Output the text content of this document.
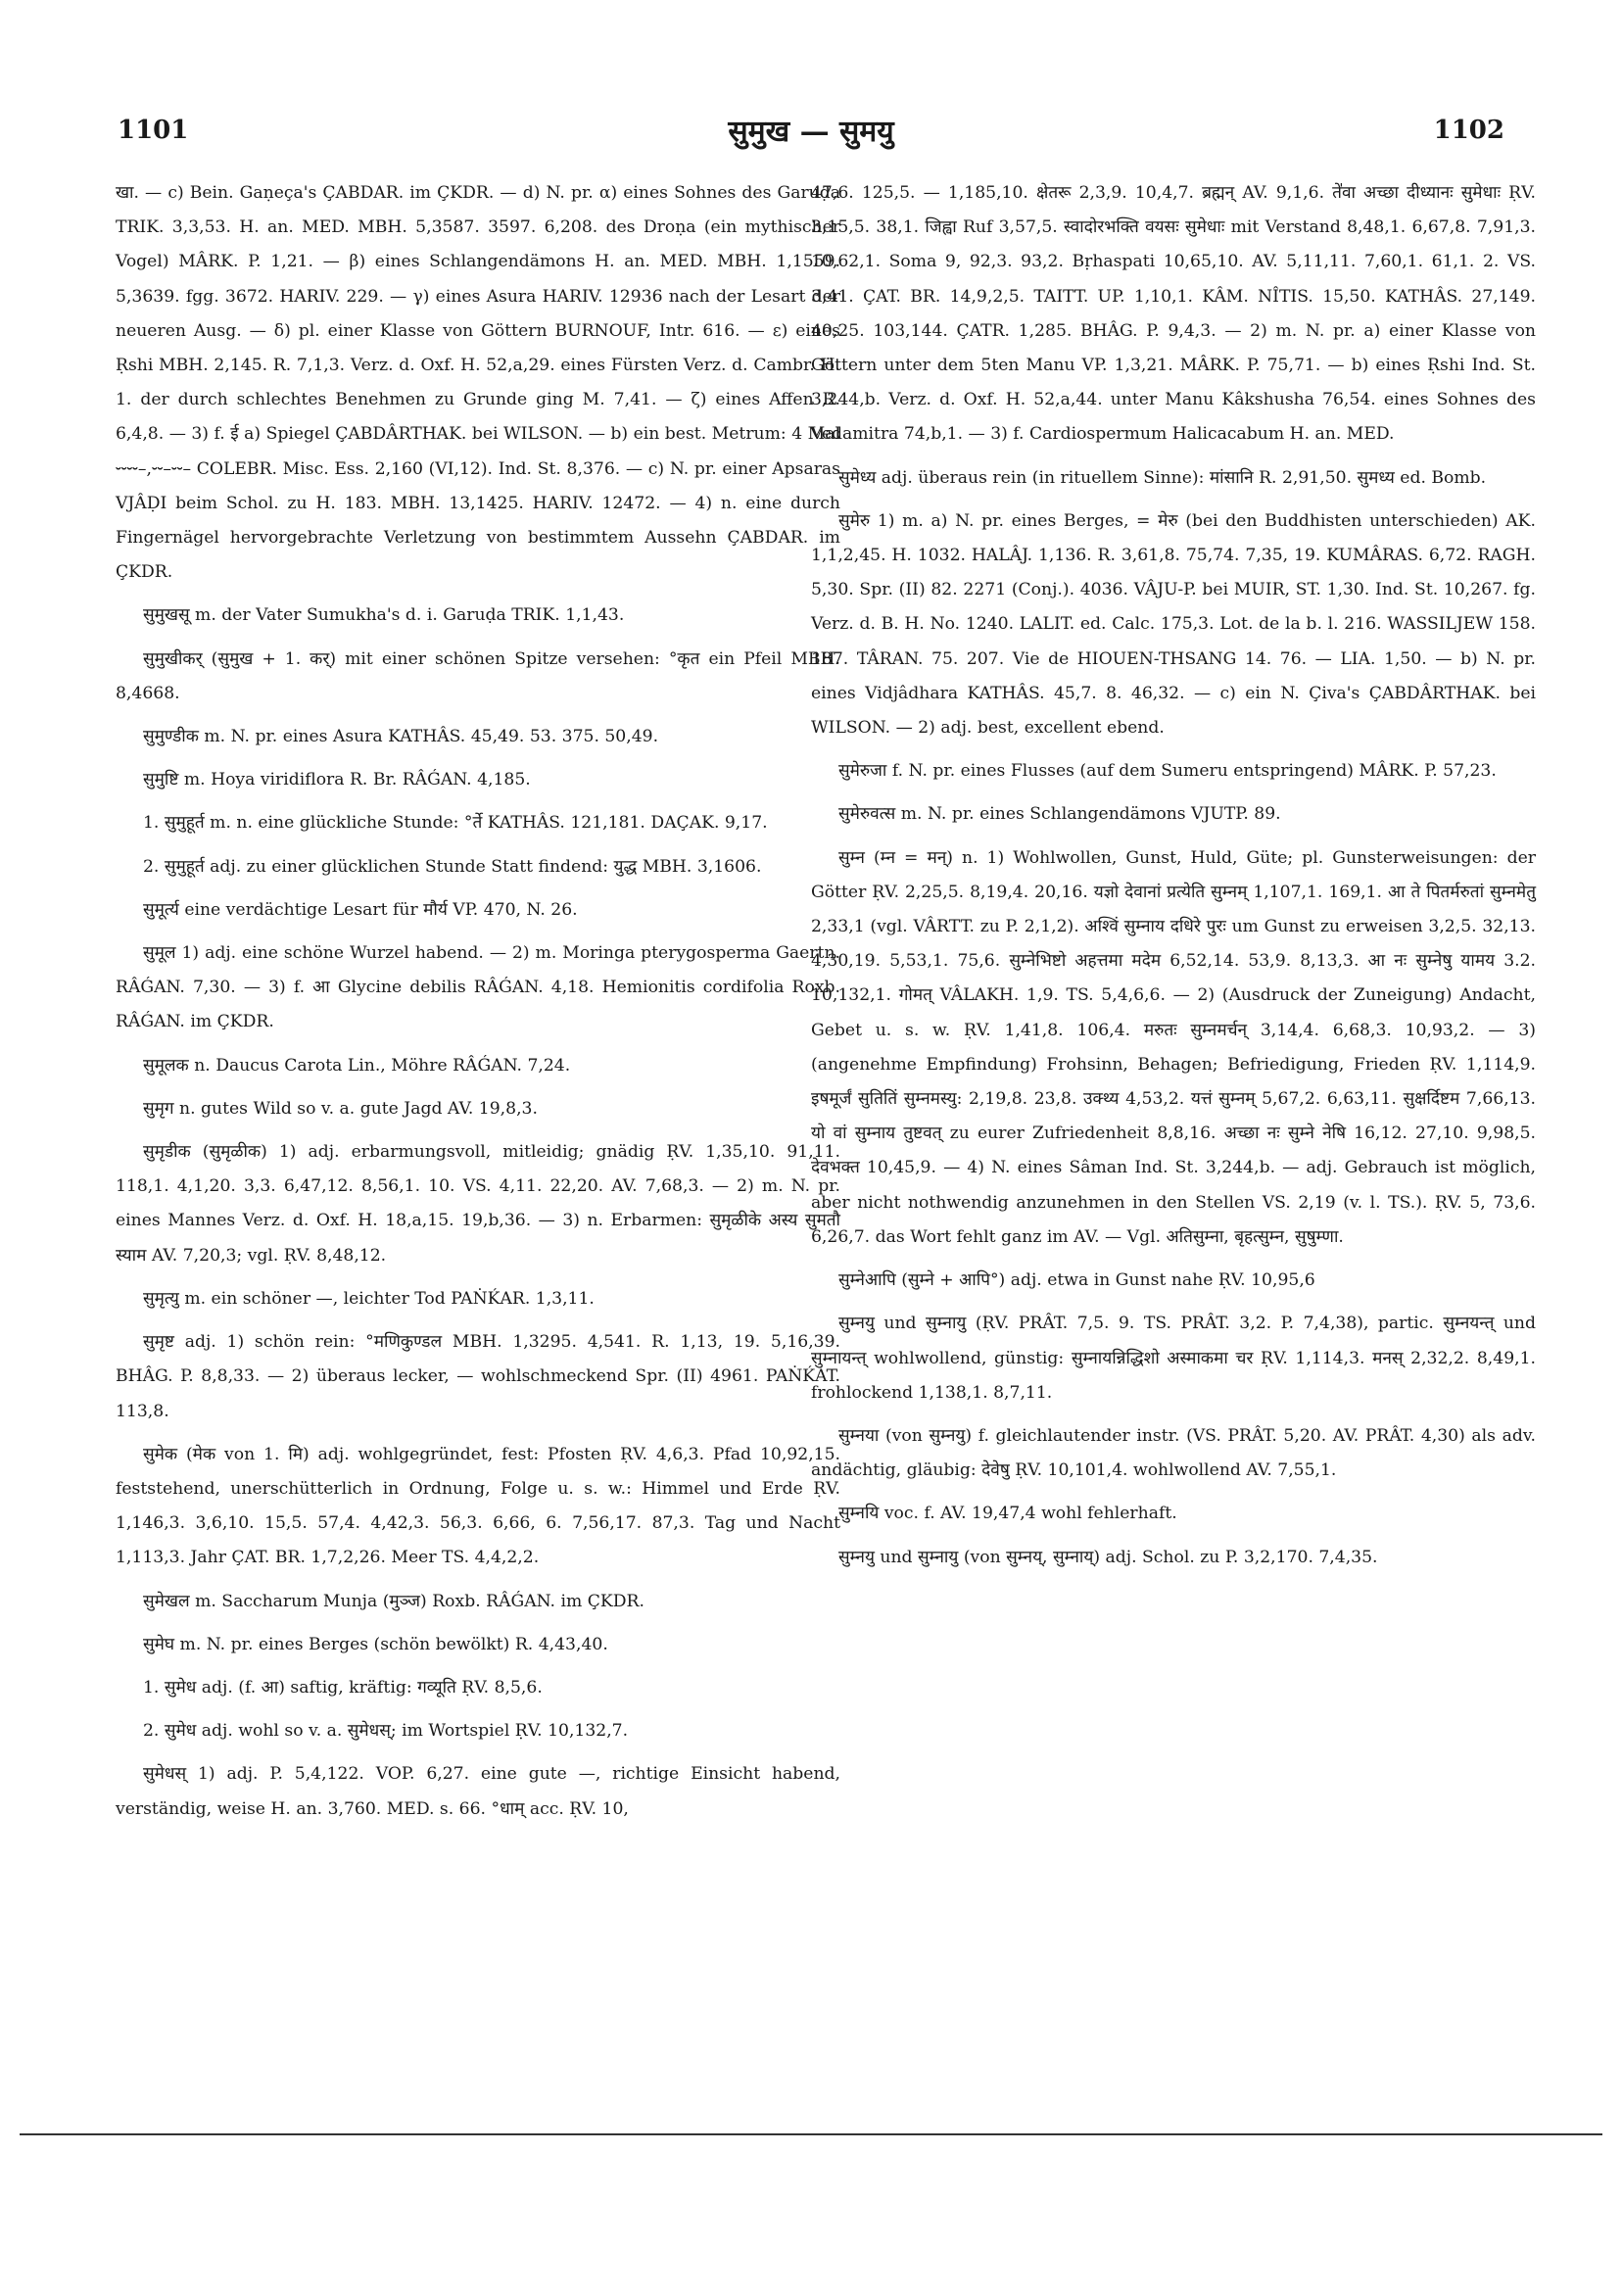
1101	सुमुख — सुमयु	1102

खा. — c) Bein. Gaṇeça's ÇABDAR. im ÇKDR. — d) N. pr. α) eines Sohnes des Garuḍa TRIK. 3,3,53. H. an. MED. MBH. 5,3587. 3597. 6,208. des Droṇa (ein mythischer Vogel) MÂRK. P. 1,21. — β) eines Schlangendämons H. an. MED. MBH. 1,1559. 5,3639. fgg. 3672. HARIV. 229. — γ) eines Asura HARIV. 12936 nach der Lesart der neueren Ausg. — δ) pl. einer Klasse von Göttern BURNOUF, Intr. 616. — ε) eines Ṛshi MBH. 2,145. R. 7,1,3. Verz. d. Oxf. H. 52,a,29. eines Fürsten Verz. d. Cambr. H. 1. der durch schlechtes Benehmen zu Grunde ging M. 7,41. — ζ) eines Affen R. 6,4,8. — 3) f. ई a) Spiegel ÇABDÂRTHAK. bei WILSON. — b) ein best. Metrum: 4 Mal ⏑⏑⏑⏑–,⏑⏑–⏑⏑– COLEBR. Misc. Ess. 2,160 (VI,12). Ind. St. 8,376. — c) N. pr. einer Apsaras VJÂḌI beim Schol. zu H. 183. MBH. 13,1425. HARIV. 12472. — 4) n. eine durch Fingernägel hervorgebrachte Verletzung von bestimmtem Aussehn ÇABDAR. im ÇKDR.

सुमुखसू m. der Vater Sumukha's d. i. Garuḍa TRIK. 1,1,43.

सुमुखीकर् (सुमुख + 1. कर्) mit einer schönen Spitze versehen: °कृत ein Pfeil MBH. 8,4668.

सुमुण्डीक m. N. pr. eines Asura KATHÂS. 45,49. 53. 375. 50,49.

सुमुष्टि m. Hoya viridiflora R. Br. RÂǴAN. 4,185.

1. सुमुहूर्त m. n. eine glückliche Stunde: °र्ते KATHÂS. 121,181. DAÇAK. 9,17.

2. सुमुहूर्त adj. zu einer glücklichen Stunde Statt findend: युद्ध MBH. 3,1606.

सुमूर्त्य eine verdächtige Lesart für मौर्य VP. 470, N. 26.

सुमूल 1) adj. eine schöne Wurzel habend. — 2) m. Moringa pterygosperma Gaertn. RÂǴAN. 7,30. — 3) f. आ Glycine debilis RÂǴAN. 4,18. Hemionitis cordifolia Roxb. RÂǴAN. im ÇKDR.

सुमूलक n. Daucus Carota Lin., Möhre RÂǴAN. 7,24.

सुमृग n. gutes Wild so v. a. gute Jagd AV. 19,8,3.

सुमृडीक (सुमृळीक) 1) adj. erbarmungsvoll, mitleidig; gnädig ṚV. 1,35,10. 91,11. 118,1. 4,1,20. 3,3. 6,47,12. 8,56,1. 10. VS. 4,11. 22,20. AV. 7,68,3. — 2) m. N. pr. eines Mannes Verz. d. Oxf. H. 18,a,15. 19,b,36. — 3) n. Erbarmen: सुमृळीके अस्य सुमतौ स्याम AV. 7,20,3; vgl. ṚV. 8,48,12.

सुमृत्यु m. ein schöner —, leichter Tod PAṄḰAR. 1,3,11.

सुमृष्ट adj. 1) schön rein: °मणिकुण्डल MBH. 1,3295. 4,541. R. 1,13, 19. 5,16,39. BHÂG. P. 8,8,33. — 2) überaus lecker, — wohlschmeckend Spr. (II) 4961. PAṄḰAT. 113,8.

सुमेक (मेक von 1. मि) adj. wohlgegründet, fest: Pfosten ṚV. 4,6,3. Pfad 10,92,15. feststehend, unerschütterlich in Ordnung, Folge u. s. w.: Himmel und Erde ṚV. 1,146,3. 3,6,10. 15,5. 57,4. 4,42,3. 56,3. 6,66, 6. 7,56,17. 87,3. Tag und Nacht 1,113,3. Jahr ÇAT. BR. 1,7,2,26. Meer TS. 4,4,2,2.

सुमेखल m. Saccharum Munja (मुञ्ज) Roxb. RÂǴAN. im ÇKDR.

सुमेघ m. N. pr. eines Berges (schön bewölkt) R. 4,43,40.

1. सुमेध adj. (f. आ) saftig, kräftig: गव्यूति ṚV. 8,5,6.

2. सुमेध adj. wohl so v. a. सुमेधस्; im Wortspiel ṚV. 10,132,7.

सुमेधस् 1) adj. P. 5,4,122. VOP. 6,27. eine gute —, richtige Einsicht habend, verständig, weise H. an. 3,760. MED. s. 66. °धाम् acc. ṚV. 10,

47,6. 125,5. — 1,185,10. क्षेतरू 2,3,9. 10,4,7. ब्रह्मन् AV. 9,1,6. ते॑वा अच्छा दीध्यानः सुमेधाः ṚV. 3,15,5. 38,1. जिह्वा Ruf 3,57,5. स्वादोरभक्ति वयसः सुमेधाः mit Verstand 8,48,1. 6,67,8. 7,91,3. 10,62,1. Soma 9, 92,3. 93,2. Bṛhaspati 10,65,10. AV. 5,11,11. 7,60,1. 61,1. 2. VS. 3,41. ÇAT. BR. 14,9,2,5. TAITT. UP. 1,10,1. KÂM. NÎTIS. 15,50. KATHÂS. 27,149. 40,25. 103,144. ÇATR. 1,285. BHÂG. P. 9,4,3. — 2) m. N. pr. a) einer Klasse von Göttern unter dem 5ten Manu VP. 1,3,21. MÂRK. P. 75,71. — b) eines Ṛshi Ind. St. 3,244,b. Verz. d. Oxf. H. 52,a,44. unter Manu Kâkshusha 76,54. eines Sohnes des Vedamitra 74,b,1. — 3) f. Cardiospermum Halicacabum H. an. MED.

सुमेध्य adj. überaus rein (in rituellem Sinne): मांसानि R. 2,91,50. सुमध्य ed. Bomb.

सुमेरु 1) m. a) N. pr. eines Berges, = मेरु (bei den Buddhisten unterschieden) AK. 1,1,2,45. H. 1032. HALÂJ. 1,136. R. 3,61,8. 75,74. 7,35, 19. KUMÂRAS. 6,72. RAGH. 5,30. Spr. (II) 82. 2271 (Conj.). 4036. VÂJU-P. bei MUIR, ST. 1,30. Ind. St. 10,267. fg. Verz. d. B. H. No. 1240. LALIT. ed. Calc. 175,3. Lot. de la b. l. 216. WASSILJEW 158. 187. TÂRAN. 75. 207. Vie de HIOUEN-THSANG 14. 76. — LIA. 1,50. — b) N. pr. eines Vidjâdhara KATHÂS. 45,7. 8. 46,32. — c) ein N. Çiva's ÇABDÂRTHAK. bei WILSON. — 2) adj. best, excellent ebend.

सुमेरुजा f. N. pr. eines Flusses (auf dem Sumeru entspringend) MÂRK. P. 57,23.

सुमेरुवत्स m. N. pr. eines Schlangendämons VJUTP. 89.

सुम्न (म्न = मन्) n. 1) Wohlwollen, Gunst, Huld, Güte; pl. Gunsterweisungen: der Götter ṚV. 2,25,5. 8,19,4. 20,16. यज्ञो देवानां प्रत्येति सुम्नम् 1,107,1. 169,1. आ ते पितर्मरुतां सुम्नमेतु 2,33,1 (vgl. VÂRTT. zu P. 2,1,2). अश्विं सुम्नाय दधिरे पुरः um Gunst zu erweisen 3,2,5. 32,13. 4,30,19. 5,53,1. 75,6. सुम्नेभिष्टो अहत्तमा मदेम 6,52,14. 53,9. 8,13,3. आ नः सुम्नेषु यामय 3.2. 10,132,1. गोमत् VÂLAKH. 1,9. TS. 5,4,6,6. — 2) (Ausdruck der Zuneigung) Andacht, Gebet u. s. w. ṚV. 1,41,8. 106,4. मरुतः सुम्नमर्चन् 3,14,4. 6,68,3. 10,93,2. — 3) (angenehme Empfindung) Frohsinn, Behagen; Befriedigung, Frieden ṚV. 1,114,9. इषमूर्जं सुतितिं सुम्नमस्यु: 2,19,8. 23,8. उक्थ्य 4,53,2. यत्तं सुम्नम् 5,67,2. 6,63,11. सुक्षर्दिष्टम 7,66,13. यो वां सुम्नाय तुष्टवत् zu eurer Zufriedenheit 8,8,16. अच्छा नः सुम्ने नेषि 16,12. 27,10. 9,98,5. देवभक्त 10,45,9. — 4) N. eines Sâman Ind. St. 3,244,b. — adj. Gebrauch ist möglich, aber nicht nothwendig anzunehmen in den Stellen VS. 2,19 (v. l. TS.). ṚV. 5, 73,6. 6,26,7. das Wort fehlt ganz im AV. — Vgl. अतिसुम्ना, बृहत्सुम्न, सुषुम्णा.

सुम्नेआपि (सुम्ने + आपि°) adj. etwa in Gunst nahe ṚV. 10,95,6

सुम्नयु und सुम्नायु (ṚV. PRÂT. 7,5. 9. TS. PRÂT. 3,2. P. 7,4,38), partic. सुम्नयन्त् und सुम्नायन्त् wohlwollend, günstig: सुम्नायन्निद्धिशो अस्माकमा चर ṚV. 1,114,3. मनस् 2,32,2. 8,49,1. frohlockend 1,138,1. 8,7,11.

सुम्नया (von सुम्नयु) f. gleichlautender instr. (VS. PRÂT. 5,20. AV. PRÂT. 4,30) als adv. andächtig, gläubig: देवेषु ṚV. 10,101,4. wohlwollend AV. 7,55,1.

सुम्नयि voc. f. AV. 19,47,4 wohl fehlerhaft.

सुम्नयु und सुम्नायु (von सुम्नय्, सुम्नाय्) adj. Schol. zu P. 3,2,170. 7,4,35.
